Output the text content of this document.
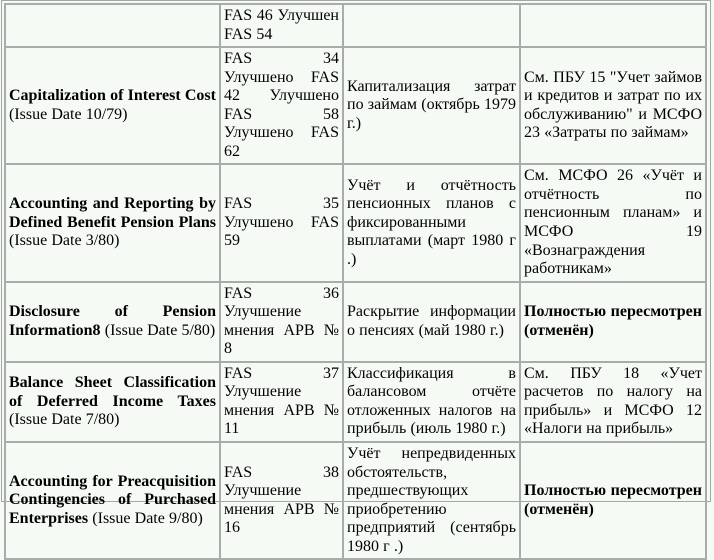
	FAS 46 Улучшен FAS 54		
Capitalization of Interest Cost (Issue Date 10/79)	FAS 34 Улучшено FAS 42 Улучшено FAS 58 Улучшено FAS 62	Капитализация затрат по займам (октябрь 1979 г.)	См. ПБУ 15 "Учет займов и кредитов и затрат по их обслуживанию" и МСФО 23 «Затраты по займам»
Accounting and Reporting by Defined Benefit Pension Plans (Issue Date 3/80)	FAS 35 Улучшено FAS 59	Учёт и отчётность пенсионных планов с фиксированными выплатами (март 1980 г .)	См. МСФО 26 «Учёт и отчётность по пенсионным планам» и МСФО 19 «Вознаграждения работникам»
Disclosure of Pension Information8 (Issue Date 5/80)	FAS 36 Улучшение мнения APB № 8	Раскрытие информации о пенсиях (май 1980 г.)	Полностью пересмотрен (отменён)
Balance Sheet Classification of Deferred Income Taxes (Issue Date 7/80)	FAS 37 Улучшение мнения APB № 11	Классификация в балансовом отчёте отложенных налогов на прибыль (июль 1980 г.)	См. ПБУ 18 «Учет расчетов по налогу на прибыль» и МСФО 12 «Налоги на прибыль»
Accounting for Preacquisition Contingencies of Purchased Enterprises (Issue Date 9/80)	FAS 38 Улучшение мнения APB № 16	Учёт непредвиденных обстоятельств, предшествующих приобретению предприятий (сентябрь 1980 г .)	Полностью пересмотрен (отменён)
